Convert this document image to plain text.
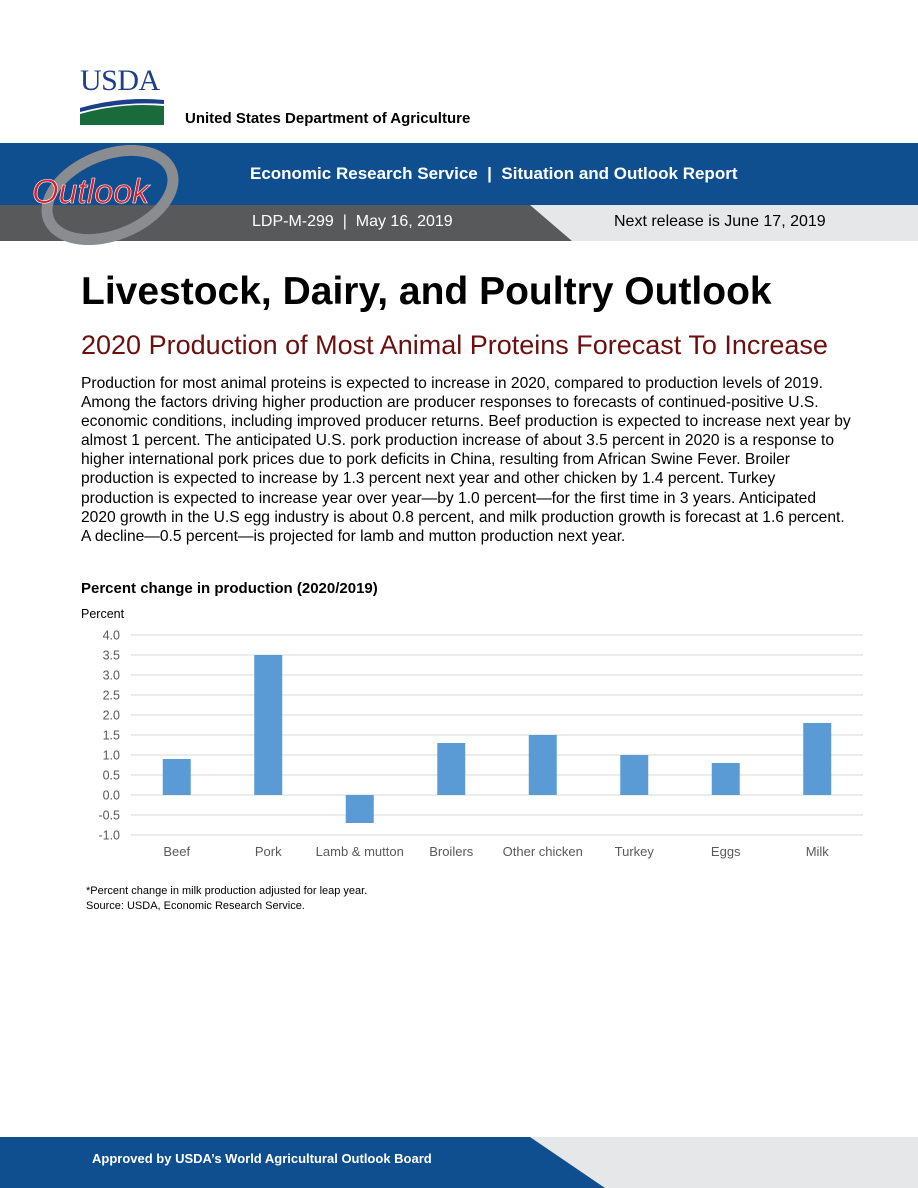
USDA
United States Department of Agriculture
Outlook	Economic Research Service  |  Situation and Outlook Report
LDP-M-299  |  May 16, 2019	Next release is June 17, 2019
Livestock, Dairy, and Poultry Outlook
2020 Production of Most Animal Proteins Forecast To Increase

Production for most animal proteins is expected to increase in 2020, compared to production levels of 2019. Among the factors driving higher production are producer responses to forecasts of continued-positive U.S. economic conditions, including improved producer returns. Beef production is expected to increase next year by almost 1 percent. The anticipated U.S. pork production increase of about 3.5 percent in 2020 is a response to higher international pork prices due to pork deficits in China, resulting from African Swine Fever. Broiler production is expected to increase by 1.3 percent next year and other chicken by 1.4 percent. Turkey production is expected to increase year over year—by 1.0 percent—for the first time in 3 years. Anticipated 2020 growth in the U.S egg industry is about 0.8 percent, and milk production growth is forecast at 1.6 percent. A decline—0.5 percent—is projected for lamb and mutton production next year.

Percent change in production (2020/2019)
Percent
4.0
3.5
3.0
2.5
2.0
1.5
1.0
0.5
0.0
-0.5
-1.0
Beef	Pork	Lamb & mutton Broilers Other chicken Turkey	Eggs	Milk
*Percent change in milk production adjusted for leap year.
Source: USDA, Economic Research Service.
Approved by USDA’s World Agricultural Outlook Board
